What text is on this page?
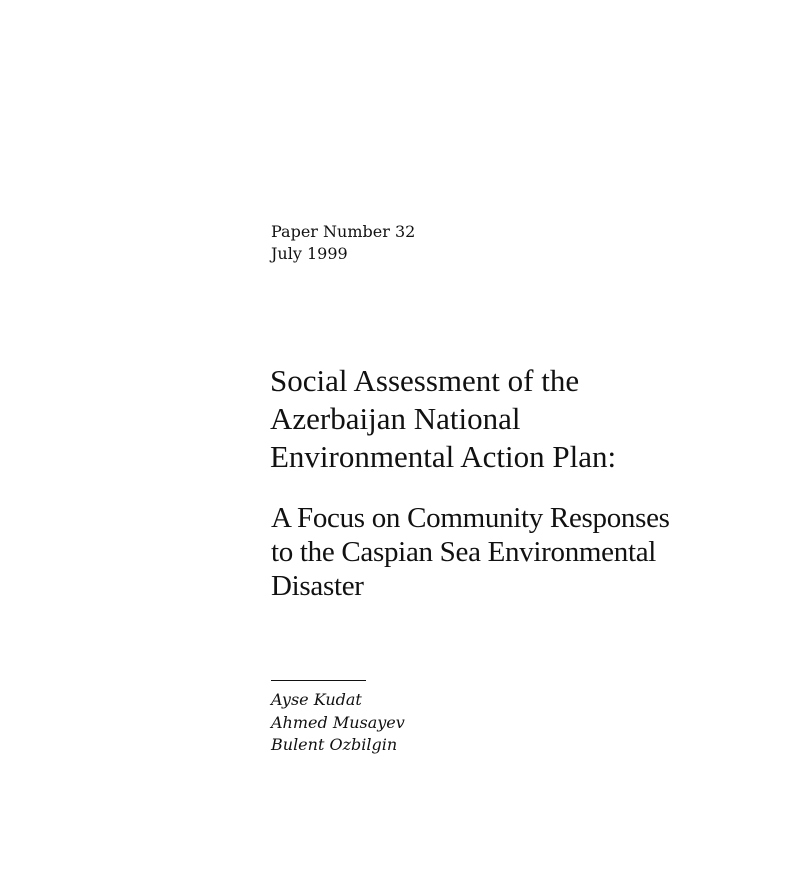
Paper Number 32
July 1999
Social Assessment of the
Azerbaijan National
Environmental Action Plan:
A Focus on Community Responses
to the Caspian Sea Environmental
Disaster
Ayse Kudat
Ahmed Musayev
Bulent Ozbilgin
